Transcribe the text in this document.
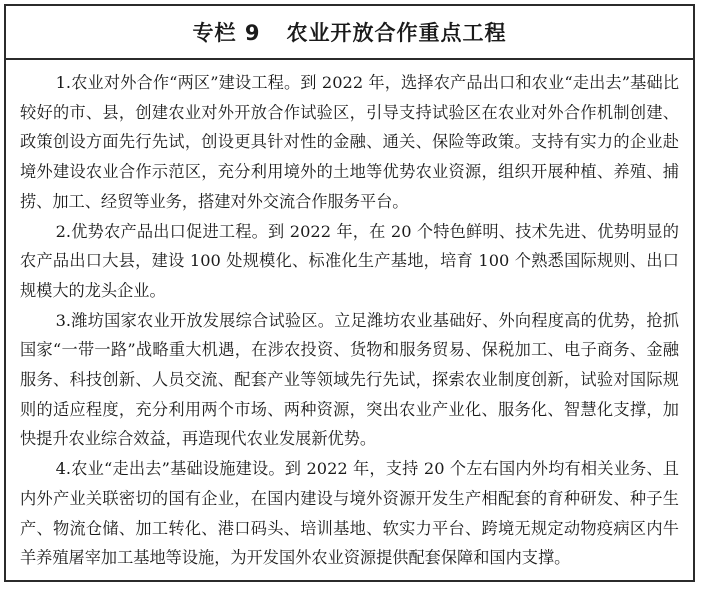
专栏 9 农业开放合作重点工程

1.农业对外合作“两区”建设工程。到 2022 年，选择农产品出口和农业“走出去”基础比较好的市、县，创建农业对外开放合作试验区，引导支持试验区在农业对外合作机制创建、政策创设方面先行先试，创设更具针对性的金融、通关、保险等政策。支持有实力的企业赴境外建设农业合作示范区，充分利用境外的土地等优势农业资源，组织开展种植、养殖、捕捞、加工、经贸等业务，搭建对外交流合作服务平台。

2.优势农产品出口促进工程。到 2022 年，在 20 个特色鲜明、技术先进、优势明显的农产品出口大县，建设 100 处规模化、标准化生产基地，培育 100 个熟悉国际规则、出口规模大的龙头企业。

3.潍坊国家农业开放发展综合试验区。立足潍坊农业基础好、外向程度高的优势，抢抓国家“一带一路”战略重大机遇，在涉农投资、货物和服务贸易、保税加工、电子商务、金融服务、科技创新、人员交流、配套产业等领域先行先试，探索农业制度创新，试验对国际规则的适应程度，充分利用两个市场、两种资源，突出农业产业化、服务化、智慧化支撑，加快提升农业综合效益，再造现代农业发展新优势。

4.农业“走出去”基础设施建设。到 2022 年，支持 20 个左右国内外均有相关业务、且内外产业关联密切的国有企业，在国内建设与境外资源开发生产相配套的育种研发、种子生产、物流仓储、加工转化、港口码头、培训基地、软实力平台、跨境无规定动物疫病区内牛羊养殖屠宰加工基地等设施，为开发国外农业资源提供配套保障和国内支撑。
